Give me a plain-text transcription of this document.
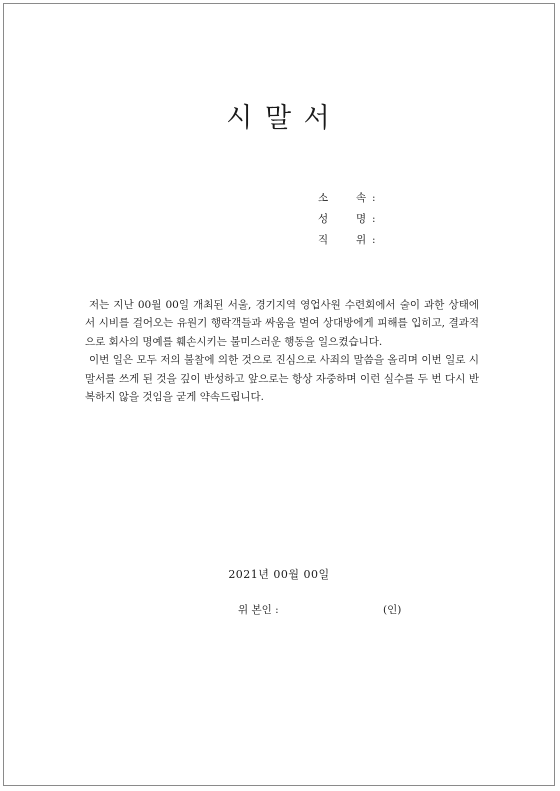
시 말 서
소	속 :
성	명 :
직	위 :

저는 지난 00월 00일 개최된 서울, 경기지역 영업사원 수련회에서 술이 과한 상태에서 시비를 걸어오는 유원기 행락객들과 싸움을 벌여 상대방에게 피해를 입히고, 결과적으로 회사의 명예를 훼손시키는 불미스러운 행동을 일으켰습니다.

이번 일은 모두 저의 불찰에 의한 것으로 진심으로 사죄의 말씀을 올리며 이번 일로 시말서를 쓰게 된 것을 깊이 반성하고 앞으로는 항상 자중하며 이런 실수를 두 번 다시 반복하지 않을 것임을 굳게 약속드립니다.

2021년 00월 00일
위 본인 :	(인)
